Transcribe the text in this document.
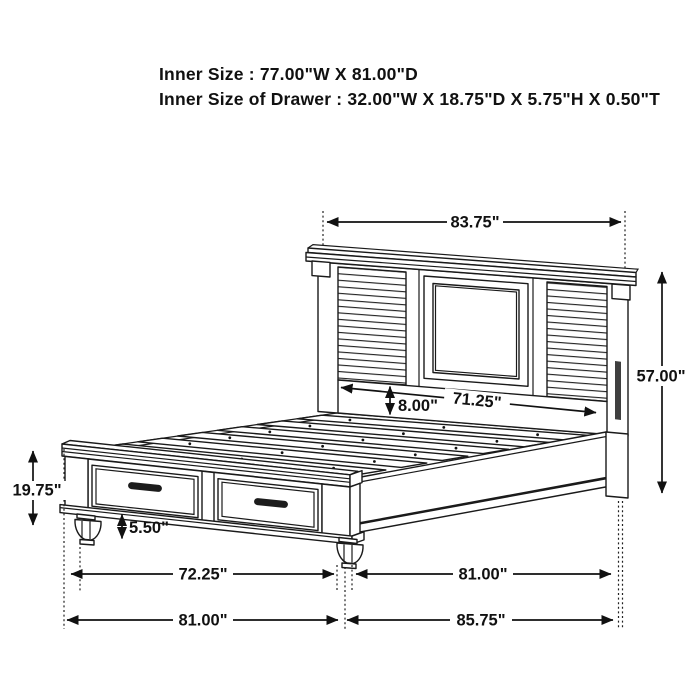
Inner Size : 77.00"W X 81.00"D
Inner Size of Drawer : 32.00"W X 18.75"D X 5.75"H X 0.50"T
83.75"
57.00"
8.00" 71.25"
19.75"
5.50"
72.25"	81.00"
81.00"	85.75"
